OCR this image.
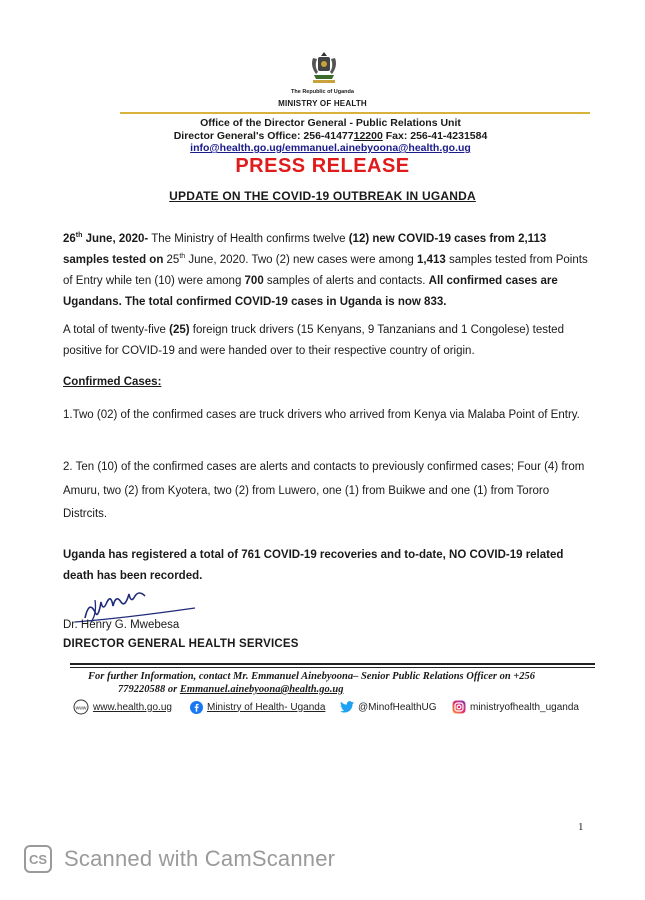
The Republic of Uganda
MINISTRY OF HEALTH
Office of the Director General - Public Relations Unit
Director General's Office: 256-4147712200 Fax: 256-41-4231584
info@health.go.ug/emmanuel.ainebyoona@health.go.ug
PRESS RELEASE
UPDATE ON THE COVID-19 OUTBREAK IN UGANDA
26th June, 2020- The Ministry of Health confirms twelve (12) new COVID-19 cases from 2,113 samples tested on 25th June, 2020. Two (2) new cases were among 1,413 samples tested from Points of Entry while ten (10) were among 700 samples of alerts and contacts. All confirmed cases are Ugandans. The total confirmed COVID-19 cases in Uganda is now 833.
A total of twenty-five (25) foreign truck drivers (15 Kenyans, 9 Tanzanians and 1 Congolese) tested positive for COVID-19 and were handed over to their respective country of origin.
Confirmed Cases:
1.Two (02) of the confirmed cases are truck drivers who arrived from Kenya via Malaba Point of Entry.
2. Ten (10) of the confirmed cases are alerts and contacts to previously confirmed cases; Four (4) from Amuru, two (2) from Kyotera, two (2) from Luwero, one (1) from Buikwe and one (1) from Tororo Distrcits.
Uganda has registered a total of 761 COVID-19 recoveries and to-date, NO COVID-19 related death has been recorded.
Dr. Henry G. Mwebesa
DIRECTOR GENERAL HEALTH SERVICES
For further Information, contact Mr. Emmanuel Ainebyoona– Senior Public Relations Officer on +256
779220588 or Emmanuel.ainebyoona@health.go.ug
www www.health.go.ug	Ministry of Health- Uganda	@MinofHealthUG	ministryofhealth_uganda
1
CS Scanned with CamScanner
